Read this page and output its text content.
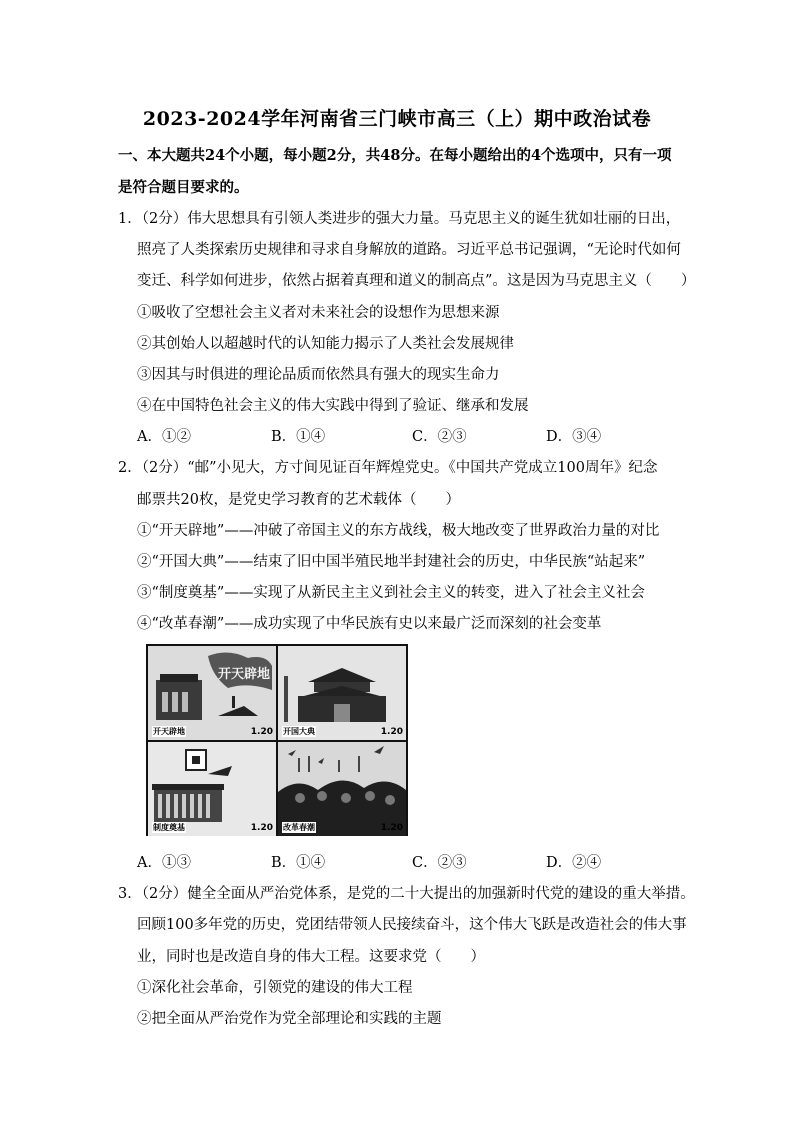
2023-2024学年河南省三门峡市高三（上）期中政治试卷
一、本大题共24个小题，每小题2分，共48分。在每小题给出的4个选项中，只有一项
是符合题目要求的。
1．（2分）伟大思想具有引领人类进步的强大力量。马克思主义的诞生犹如壮丽的日出，
照亮了人类探索历史规律和寻求自身解放的道路。习近平总书记强调，“无论时代如何
变迁、科学如何进步，依然占据着真理和道义的制高点”。这是因为马克思主义（　　）
①吸收了空想社会主义者对未来社会的设想作为思想来源
②其创始人以超越时代的认知能力揭示了人类社会发展规律
③因其与时俱进的理论品质而依然具有强大的现实生命力
④在中国特色社会主义的伟大实践中得到了验证、继承和发展
A．①②	B．①④	C．②③	D．③④
2．（2分）“邮”小见大，方寸间见证百年辉煌党史。《中国共产党成立100周年》纪念
邮票共20枚，是党史学习教育的艺术载体（　　）
①“开天辟地”——冲破了帝国主义的东方战线，极大地改变了世界政治力量的对比
②“开国大典”——结束了旧中国半殖民地半封建社会的历史，中华民族“站起来”
③“制度奠基”——实现了从新民主主义到社会主义的转变，进入了社会主义社会
④“改革春潮”——成功实现了中华民族有史以来最广泛而深刻的社会变革
开天辟地
开天辟地	1.20 开国大典	1.20
制度奠基	1.20 改革春潮	1.20
A．①③	B．①④	C．②③	D．②④
3．（2分）健全全面从严治党体系，是党的二十大提出的加强新时代党的建设的重大举措。
回顾100多年党的历史，党团结带领人民接续奋斗，这个伟大飞跃是改造社会的伟大事
业，同时也是改造自身的伟大工程。这要求党（　　）
①深化社会革命，引领党的建设的伟大工程
②把全面从严治党作为党全部理论和实践的主题
